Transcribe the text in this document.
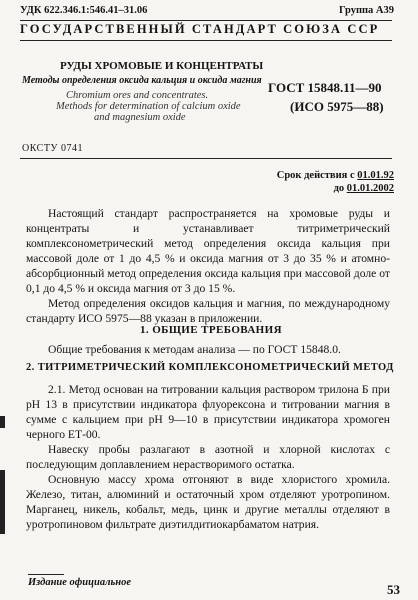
УДК 622.346.1:546.41–31.06	Группа А39
ГОСУДАРСТВЕННЫЙ СТАНДАРТ СОЮЗА ССР
РУДЫ ХРОМОВЫЕ И КОНЦЕНТРАТЫ
Методы определения оксида кальция и оксида магния
Chromium ores and concentrates.
Methods for determination of calcium oxide
and magnesium oxide
ГОСТ 15848.11—90
(ИСО 5975—88)
ОКСТУ 0741
Срок действия с 01.01.92
до 01.01.2002

Настоящий стандарт распространяется на хромовые руды и концентраты и устанавливает титриметрический комплексонометрический метод определения оксида кальция при массовой доле от 1 до 4,5 % и оксида магния от 3 до 35 % и атомно-абсорбционный метод определения оксида кальция при массовой доле от 0,1 до 4,5 % и оксида магния от 3 до 15 %.

Метод определения оксидов кальция и магния, по международному стандарту ИСО 5975—88 указан в приложении.

1. ОБЩИЕ ТРЕБОВАНИЯ

Общие требования к методам анализа — по ГОСТ 15848.0.

2. ТИТРИМЕТРИЧЕСКИЙ КОМПЛЕКСОНОМЕТРИЧЕСКИЙ МЕТОД

2.1. Метод основан на титровании кальция раствором трилона Б при pH 13 в присутствии индикатора флуорексона и титровании магния в сумме с кальцием при pH 9—10 в присутствии индикатора хромоген черного ЕТ-00.

Навеску пробы разлагают в азотной и хлорной кислотах с последующим доплавлением нерастворимого остатка.

Основную массу хрома отгоняют в виде хлористого хромила. Железо, титан, алюминий и остаточный хром отделяют уротропином. Марганец, никель, кобальт, медь, цинк и другие металлы отделяют в уротропиновом фильтрате диэтилдитиокарбаматом натрия.

Издание официальное	53
